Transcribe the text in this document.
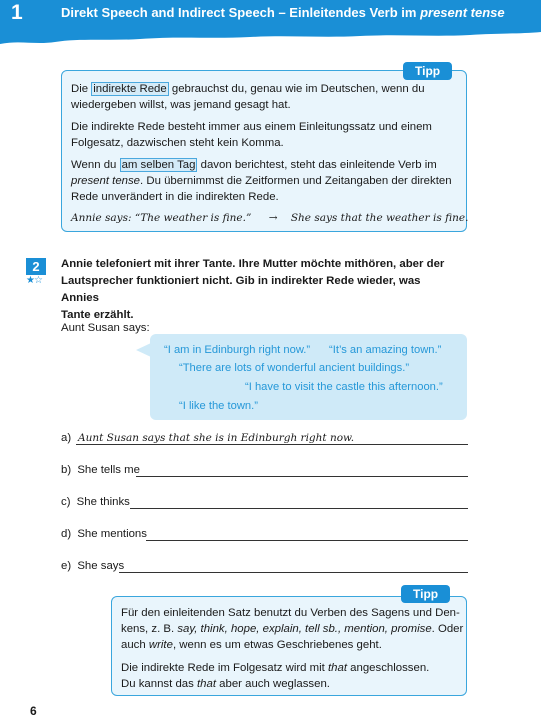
1	Direkt Speech and Indirect Speech – Einleitendes Verb im present tense
Tipp
Die indirekte Rede gebrauchst du, genau wie im Deutschen, wenn du
wiedergeben willst, was jemand gesagt hat.
Die indirekte Rede besteht immer aus einem Einleitungssatz und einem
Folgesatz, dazwischen steht kein Komma.
Wenn du am selben Tag davon berichtest, steht das einleitende Verb im
present tense. Du übernimmst die Zeitformen und Zeitangaben der direkten
Rede unverändert in die indirekten Rede.
Annie says: “The weather is fine.” → She says that the weather is fine.
2
★☆
Annie telefoniert mit ihrer Tante. Ihre Mutter möchte mithören, aber der
Lautsprecher funktioniert nicht. Gib in indirekter Rede wieder, was Annies
Tante erzählt.
Aunt Susan says:
“I am in Edinburgh right now.” “It’s an amazing town.”
“There are lots of wonderful ancient buildings.”
“I have to visit the castle this afternoon.”
“I like the town.”
a) Aunt Susan says that she is in Edinburgh right now.
b) She tells me
c) She thinks
d) She mentions
e) She says
Tipp
Für den einleitenden Satz benutzt du Verben des Sagens und Den-
kens, z. B. say, think, hope, explain, tell sb., mention, promise. Oder
auch write, wenn es um etwas Geschriebenes geht.
Die indirekte Rede im Folgesatz wird mit that angeschlossen.
Du kannst das that aber auch weglassen.
6
